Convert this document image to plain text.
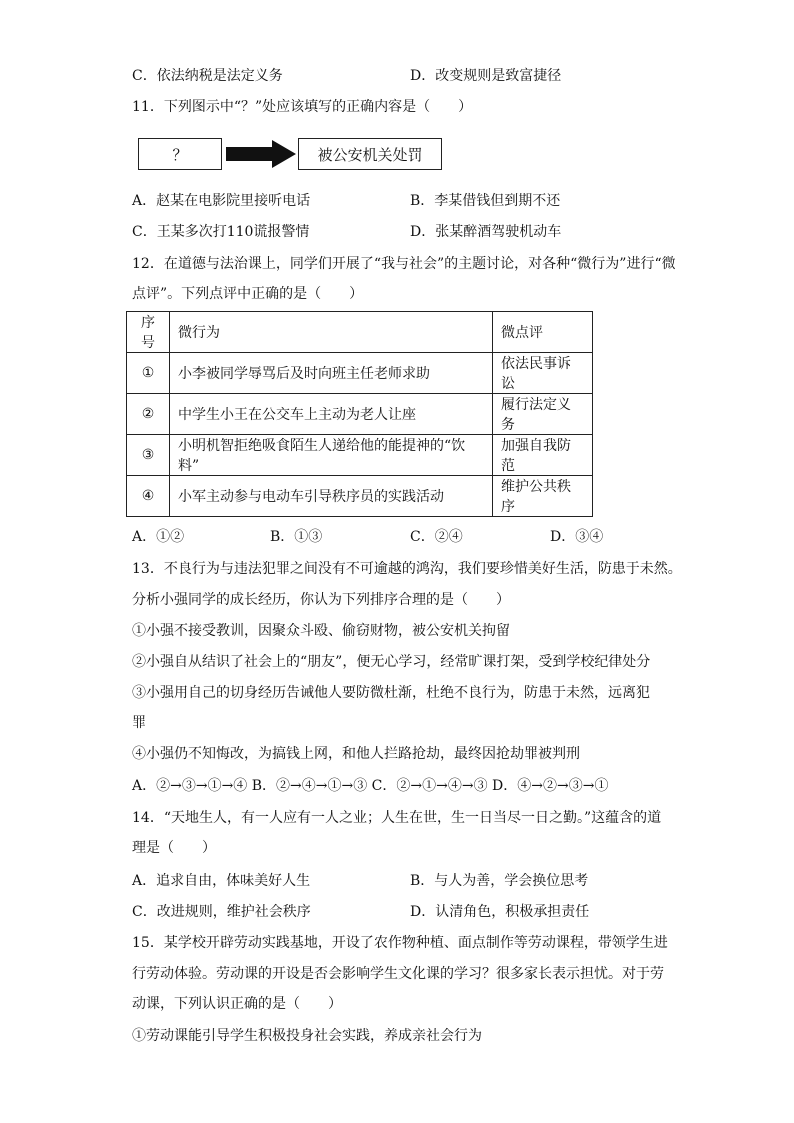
C．依法纳税是法定义务	D．改变规则是致富捷径
11．下列图示中“？”处应该填写的正确内容是（　　）
？	被公安机关处罚
A．赵某在电影院里接听电话	B．李某借钱但到期不还
C．王某多次打110谎报警情	D．张某醉酒驾驶机动车
12．在道德与法治课上，同学们开展了“我与社会”的主题讨论，对各种“微行为”进行“微
点评”。下列点评中正确的是（　　）
序号	微行为	微点评
①	小李被同学辱骂后及时向班主任老师求助	依法民事诉讼
②	中学生小王在公交车上主动为老人让座	履行法定义务
③	小明机智拒绝吸食陌生人递给他的能提神的“饮料”	加强自我防范
④	小军主动参与电动车引导秩序员的实践活动	维护公共秩序
A．①②	B．①③	C．②④	D．③④
13．不良行为与违法犯罪之间没有不可逾越的鸿沟，我们要珍惜美好生活，防患于未然。
分析小强同学的成长经历，你认为下列排序合理的是（　　）
①小强不接受教训，因聚众斗殴、偷窃财物，被公安机关拘留
②小强自从结识了社会上的“朋友”，便无心学习，经常旷课打架，受到学校纪律处分
③小强用自己的切身经历告诫他人要防微杜渐，杜绝不良行为，防患于未然，远离犯
罪
④小强仍不知悔改，为搞钱上网，和他人拦路抢劫，最终因抢劫罪被判刑
A．②→③→①→④ B．②→④→①→③ C．②→①→④→③ D．④→②→③→①
14．“天地生人，有一人应有一人之业；人生在世，生一日当尽一日之勤。”这蕴含的道
理是（　　）
A．追求自由，体味美好人生	B．与人为善，学会换位思考
C．改进规则，维护社会秩序	D．认清角色，积极承担责任
15．某学校开辟劳动实践基地，开设了农作物种植、面点制作等劳动课程，带领学生进
行劳动体验。劳动课的开设是否会影响学生文化课的学习？很多家长表示担忧。对于劳
动课，下列认识正确的是（　　）
①劳动课能引导学生积极投身社会实践，养成亲社会行为
